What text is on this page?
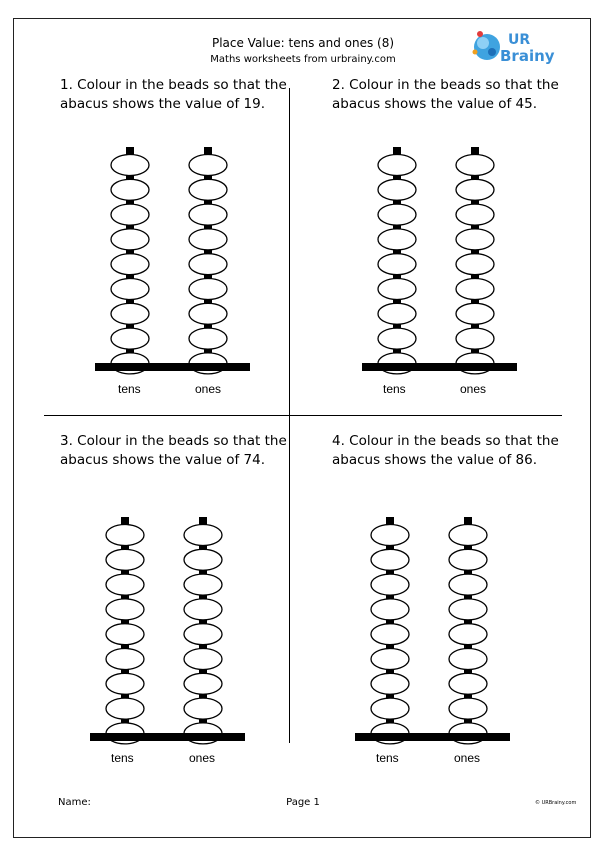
Place Value: tens and ones (8)
Maths worksheets from urbrainy.com
UR
Brainy
1. Colour in the beads so that the abacus shows the value of 19.
tens	ones
2. Colour in the beads so that the abacus shows the value of 45.
tens	ones
3. Colour in the beads so that the abacus shows the value of 74.
tens	ones
4. Colour in the beads so that the abacus shows the value of 86.
tens	ones
Name:	Page 1	© URBrainy.com
